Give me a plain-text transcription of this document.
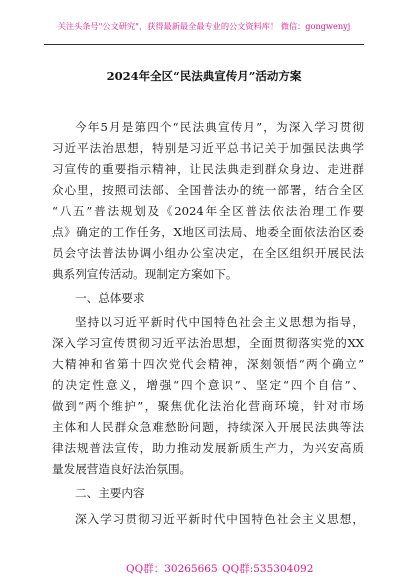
关注头条号"公文研究"，获得最新最全最专业的公文资料库！ 微信：gongwenyj
2024年全区“民法典宣传月”活动方案
今年5月是第四个“民法典宣传月”，为深入学习贯彻
习近平法治思想，特别是习近平总书记关于加强民法典学
习宣传的重要指示精神，让民法典走到群众身边、走进群
众心里，按照司法部、全国普法办的统一部署，结合全区
“八五”普法规划及《2024年全区普法依法治理工作要
点》确定的工作任务，X地区司法局、地委全面依法治区委
员会守法普法协调小组办公室决定，在全区组织开展民法
典系列宣传活动。现制定方案如下。
一、总体要求
坚持以习近平新时代中国特色社会主义思想为指导，
深入学习宣传贯彻习近平法治思想，全面贯彻落实党的XX
大精神和省第十四次党代会精神，深刻领悟“两个确立”
的决定性意义，增强“四个意识”、坚定“四个自信”、
做到“两个维护”，聚焦优化法治化营商环境，针对市场
主体和人民群众急难愁盼问题，持续深入开展民法典等法
律法规普法宣传，助力推动发展新质生产力，为兴安高质
量发展营造良好法治氛围。
二、主要内容
深入学习贯彻习近平新时代中国特色社会主义思想，
QQ群：30265665 QQ群:535304092
